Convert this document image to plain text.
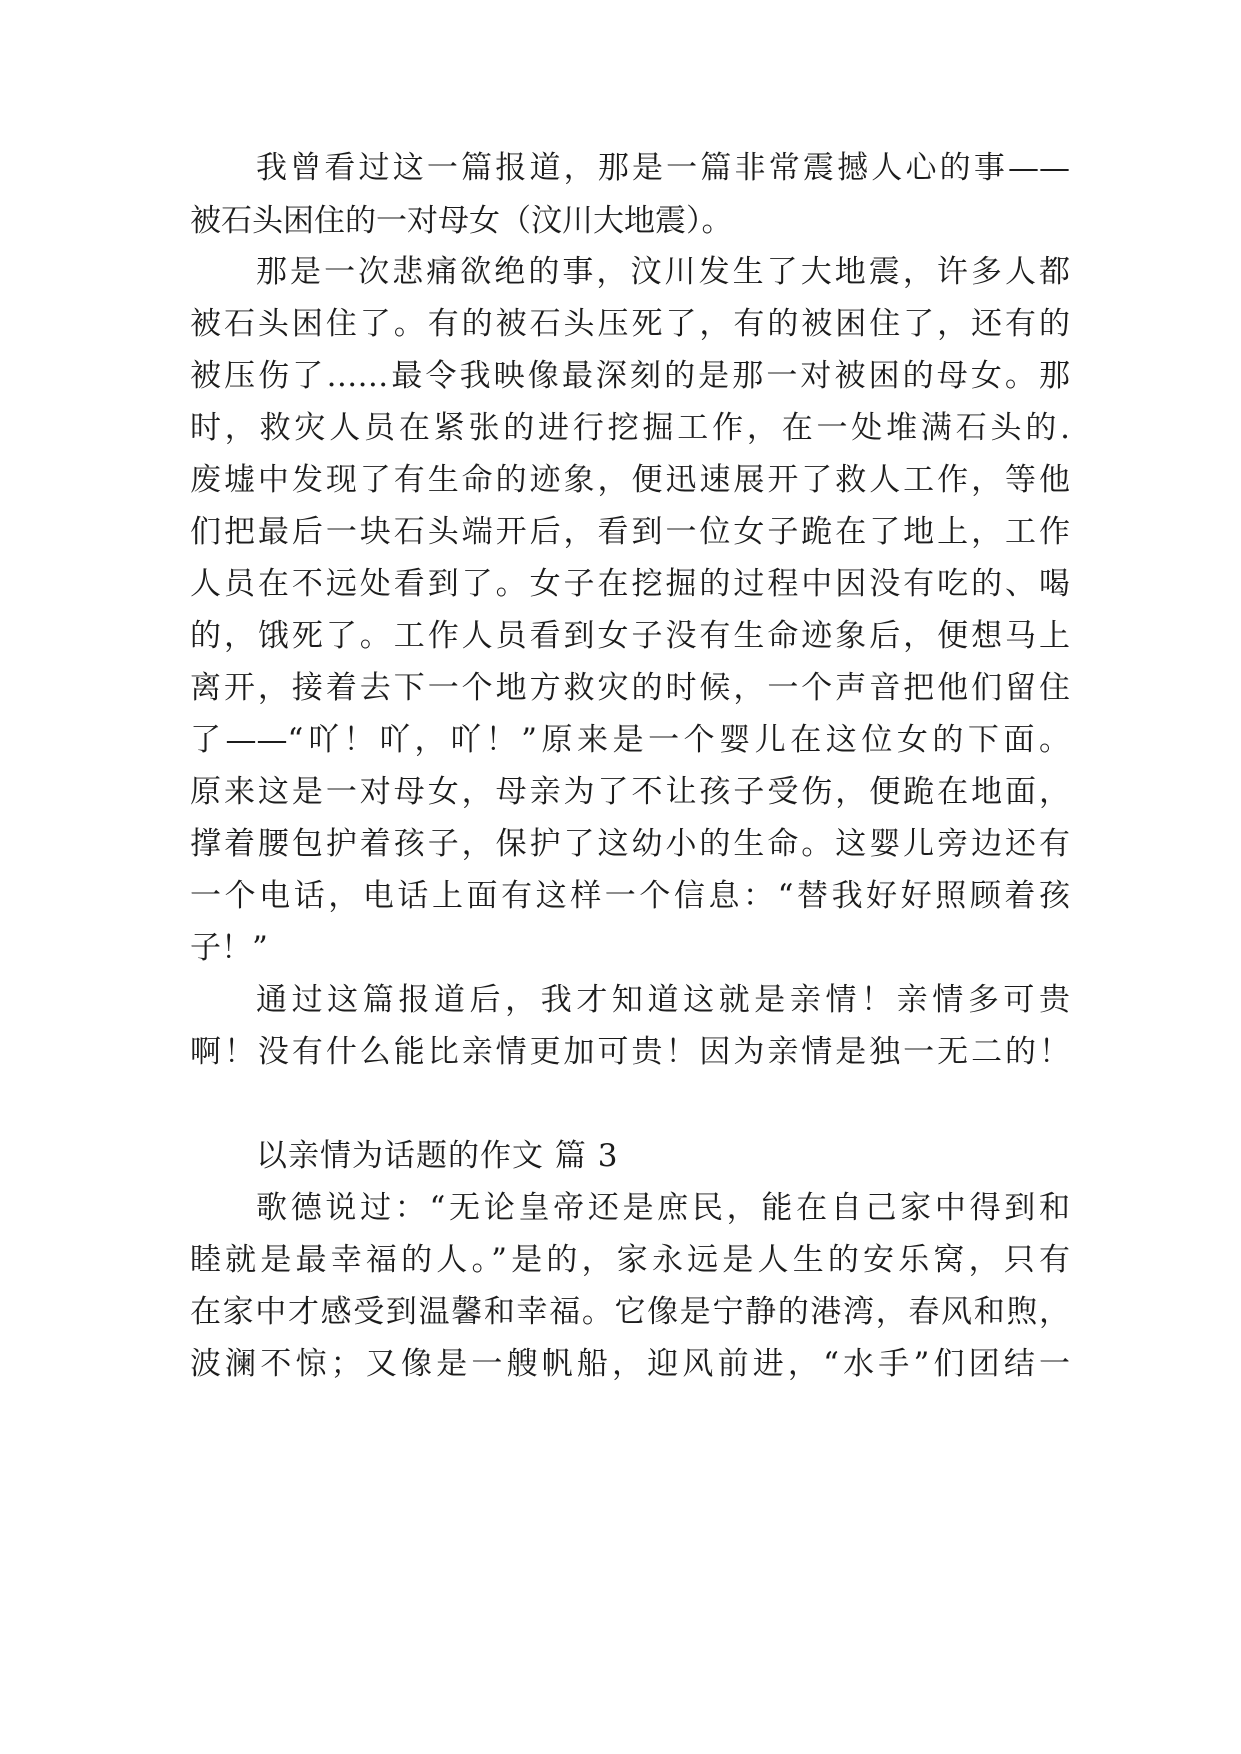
我曾看过这一篇报道，那是一篇非常震撼人心的事——
被石头困住的一对母女（汶川大地震）。
那是一次悲痛欲绝的事，汶川发生了大地震，许多人都
被石头困住了。有的被石头压死了，有的被困住了，还有的
被压伤了……最令我映像最深刻的是那一对被困的母女。那
时，救灾人员在紧张的进行挖掘工作，在一处堆满石头的.
废墟中发现了有生命的迹象，便迅速展开了救人工作，等他
们把最后一块石头端开后，看到一位女子跪在了地上，工作
人员在不远处看到了。女子在挖掘的过程中因没有吃的、喝
的，饿死了。工作人员看到女子没有生命迹象后，便想马上
离开，接着去下一个地方救灾的时候，一个声音把他们留住
了——“吖！吖，吖！”原来是一个婴儿在这位女的下面。
原来这是一对母女，母亲为了不让孩子受伤，便跪在地面，
撑着腰包护着孩子，保护了这幼小的生命。这婴儿旁边还有
一个电话，电话上面有这样一个信息：“替我好好照顾着孩
子！”
通过这篇报道后，我才知道这就是亲情！亲情多可贵
啊！没有什么能比亲情更加可贵！因为亲情是独一无二的！
以亲情为话题的作文 篇 3
歌德说过：“无论皇帝还是庶民，能在自己家中得到和
睦就是最幸福的人。”是的，家永远是人生的安乐窝，只有
在家中才感受到温馨和幸福。它像是宁静的港湾，春风和煦，
波澜不惊；又像是一艘帆船，迎风前进，“水手”们团结一
